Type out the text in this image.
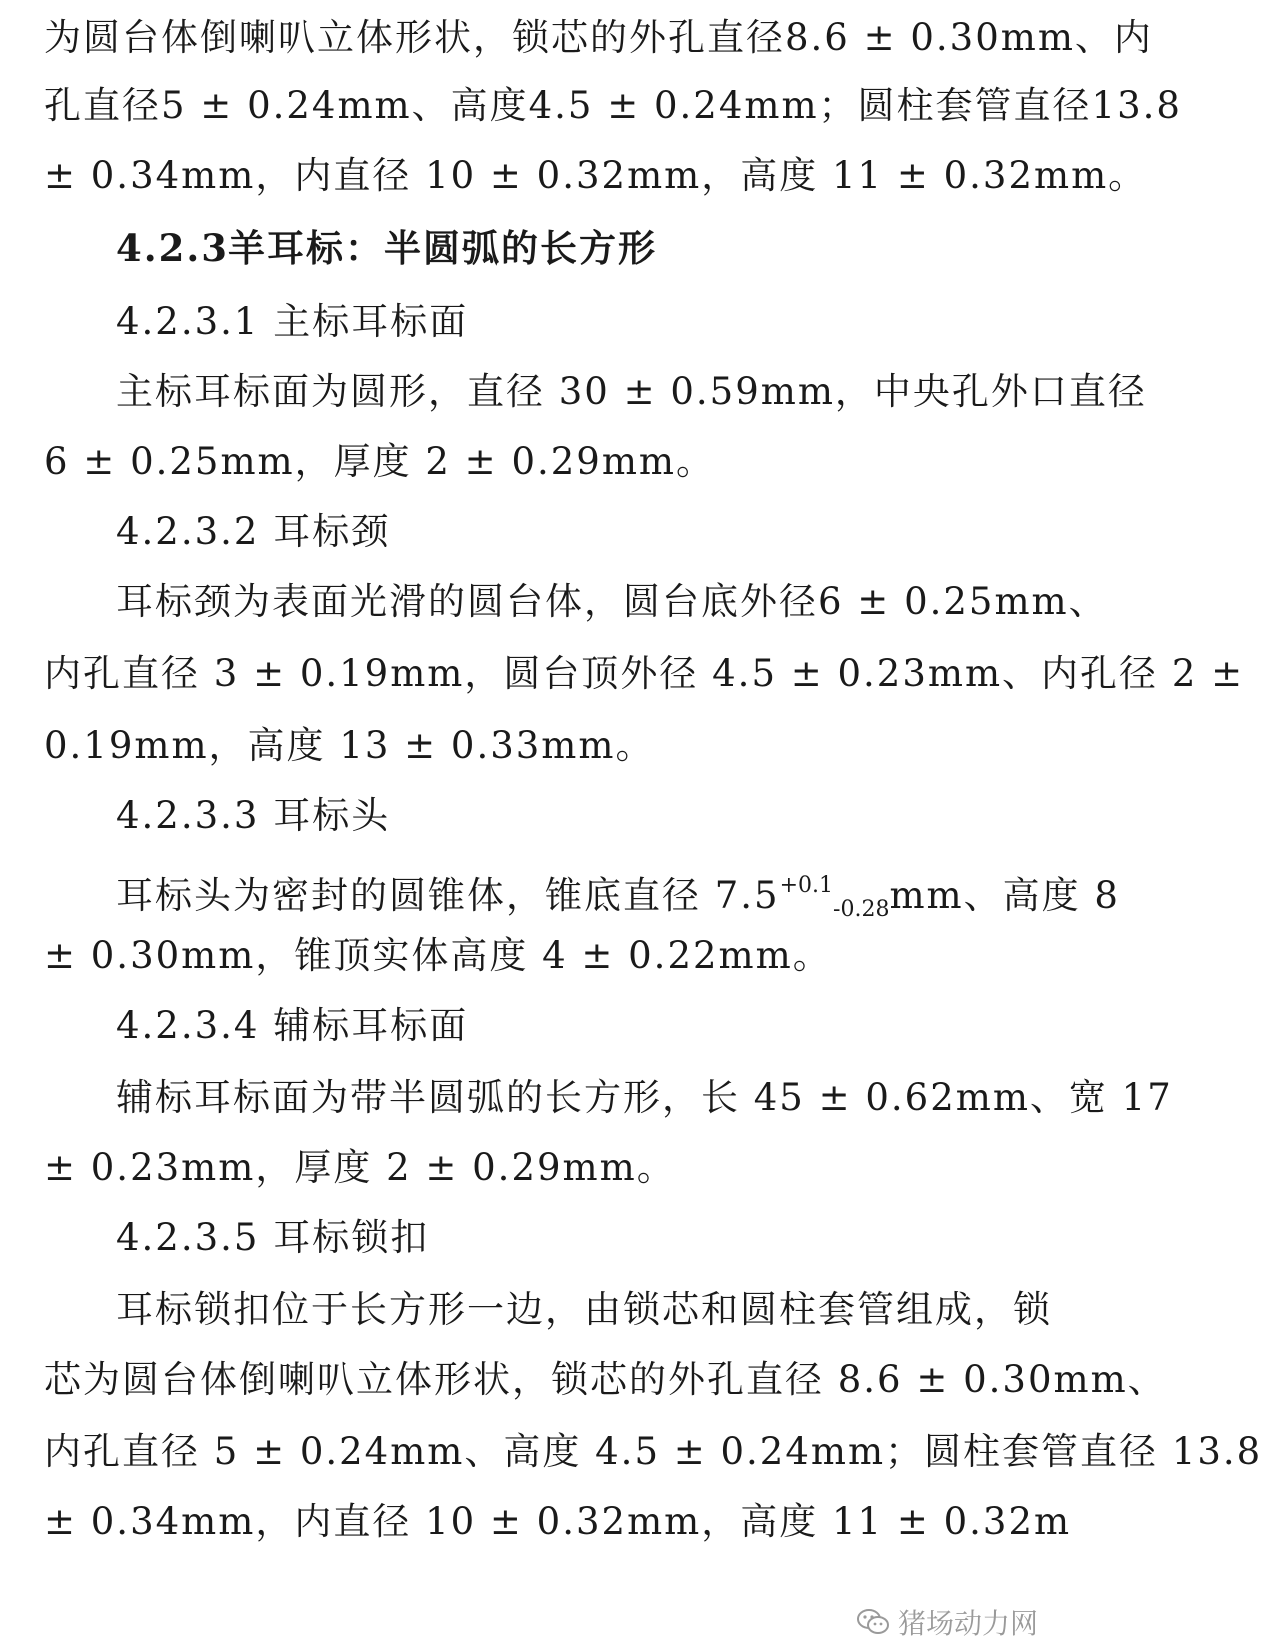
为圆台体倒喇叭立体形状，锁芯的外孔直径 8.6 ± 0.30mm、内
孔直径 5 ± 0.24mm、高度 4.5 ± 0.24mm；圆柱套管直径 13.8
± 0.34mm，内直径 10 ± 0.32mm，高度 11 ± 0.32mm。
4.2.3羊耳标：半圆弧的长方形
4.2.3.1 主标耳标面
主标耳标面为圆形，直径 30 ± 0.59mm，中央孔外口直径
6 ± 0.25mm，厚度 2 ± 0.29mm。
4.2.3.2 耳标颈
耳标颈为表面光滑的圆台体，圆台底外径 6 ± 0.25mm、
内孔直径 3 ± 0.19mm，圆台顶外径 4.5 ± 0.23mm、内孔径 2 ±
0.19mm，高度 13 ± 0.33mm。
4.2.3.3 耳标头
耳标头为密封的圆锥体，锥底直径 $7.5^{+0.1}_{-0.28}mm$、高度 8
± 0.30mm，锥顶实体高度 4 ± 0.22mm。
4.2.3.4 辅标耳标面
辅标耳标面为带半圆弧的长方形，长 45 ± 0.62mm、宽 17
± 0.23mm，厚度 2 ± 0.29mm。
4.2.3.5 耳标锁扣
耳标锁扣位于长方形一边，由锁芯和圆柱套管组成，锁
芯为圆台体倒喇叭立体形状，锁芯的外孔直径 8.6 ± 0.30mm、
内孔直径 5 ± 0.24mm、高度 4.5 ± 0.24mm；圆柱套管直径 13.8
± 0.34mm，内直径 10 ± 0.32mm，高度 11 ± 0.32m
猪场动力网
